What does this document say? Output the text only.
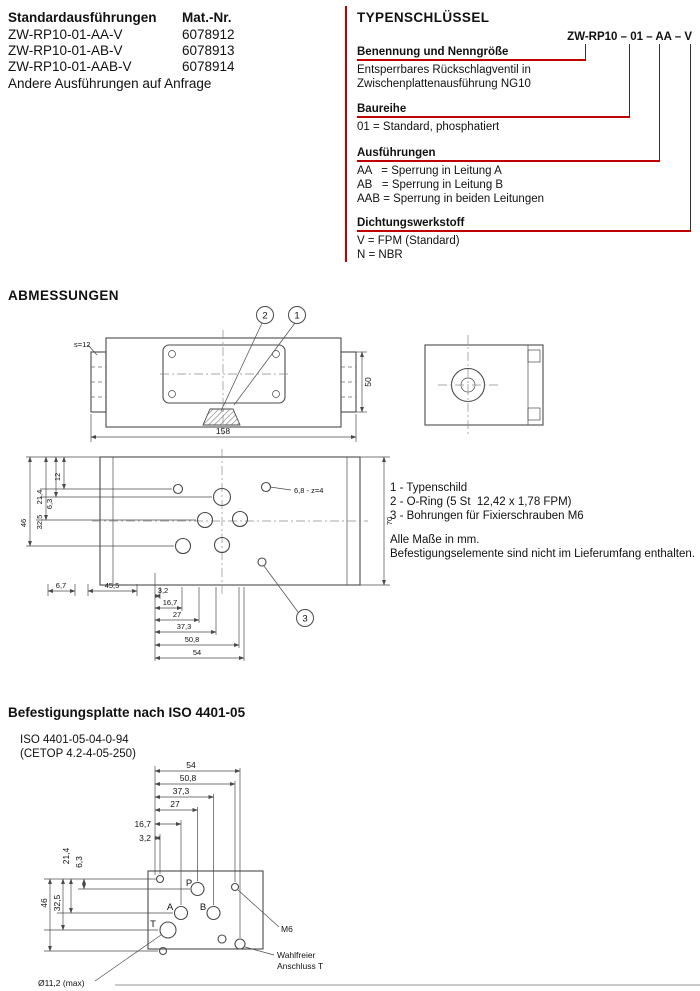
Standardausführungen Mat.-Nr.
ZW-RP10-01-AA-V	6078912
ZW-RP10-01-AB-V	6078913
ZW-RP10-01-AAB-V	6078914
Andere Ausführungen auf Anfrage
TYPENSCHLÜSSEL
ZW-RP10 – 01 – AA – V
Benennung und Nenngröße
Entsperrbares Rückschlagventil in
Zwischenplattenausführung NG10
Baureihe
01 = Standard, phosphatiert
Ausführungen
AA   = Sperrung in Leitung A
AB   = Sperrung in Leitung B
AAB = Sperrung in beiden Leitungen
Dichtungswerkstoff
V = FPM (Standard)
N = NBR
ABMESSUNGEN
2	1
s=12
50
158
6,8 - z=4
12
6,3
21,4
32,5
46	70
6,7	45,5
3,2
16,7
27
37,3
50,8
54
3
1 - Typenschild
2 - O-Ring (5 St  12,42 x 1,78 FPM)
3 - Bohrungen für Fixierschrauben M6
Alle Maße in mm.
Befestigungselemente sind nicht im Lieferumfang enthalten.
Befestigungsplatte nach ISO 4401-05
ISO 4401-05-04-0-94
(CETOP 4.2-4-05-250)
54
50,8
37,3
27
16,7
3,2
6,3
21,4
32,5
46
P
A	B
T	M6
Wahlfreier
Anschluss T
Ø11,2 (max)
